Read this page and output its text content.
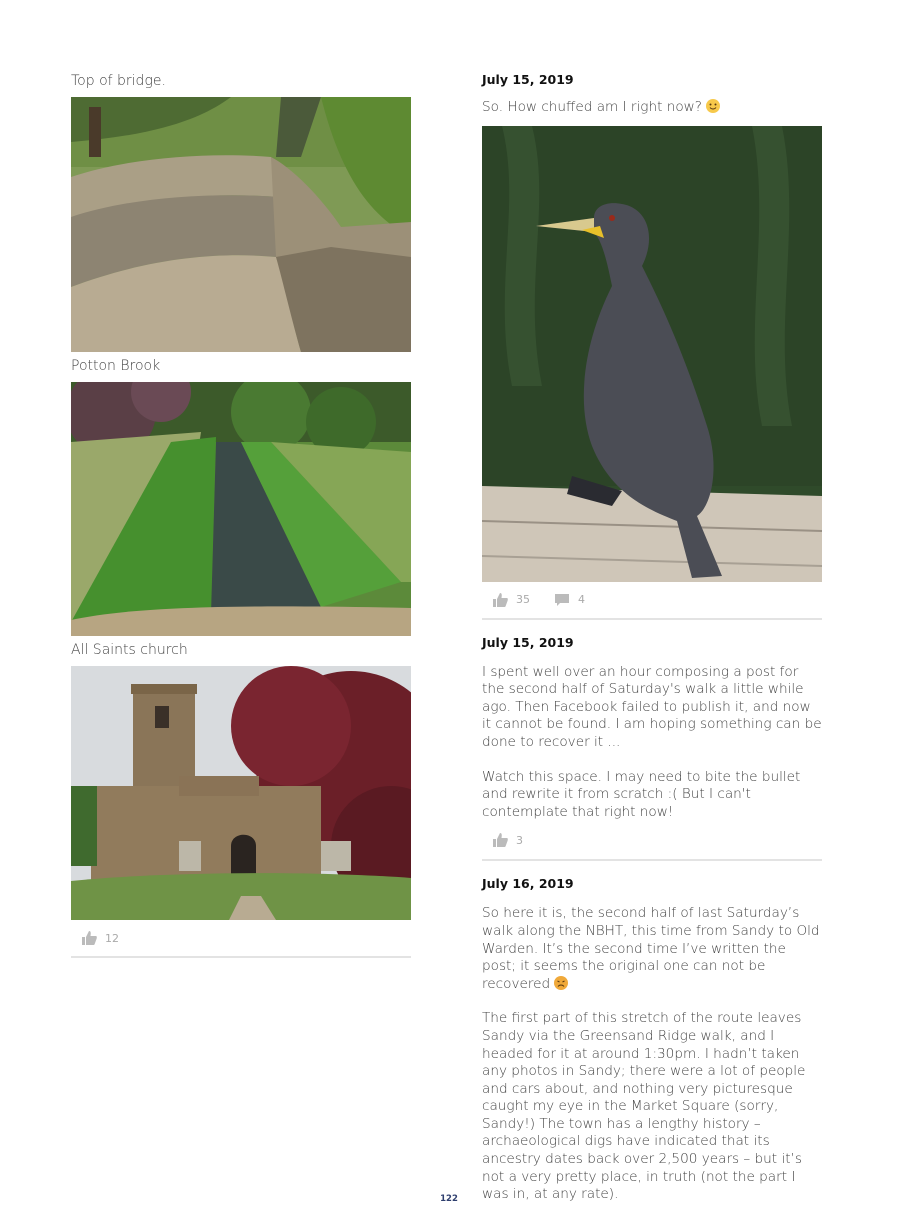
Top of bridge.

Potton Brook

All Saints church

12

July 15, 2019

So. How chuffed am I right now?

35	4

July 15, 2019

I spent well over an hour composing a post for the second half of Saturday's walk a little while ago. Then Facebook failed to publish it, and now it cannot be found. I am hoping something can be done to recover it ...

Watch this space. I may need to bite the bullet and rewrite it from scratch :( But I can't contemplate that right now!

3

July 16, 2019

So here it is, the second half of last Saturday’s walk along the NBHT, this time from Sandy to Old Warden. It’s the second time I’ve written the post; it seems the original one can not be recovered

The first part of this stretch of the route leaves Sandy via the Greensand Ridge walk, and I headed for it at around 1:30pm. I hadn’t taken any photos in Sandy; there were a lot of people and cars about, and nothing very picturesque caught my eye in the Market Square (sorry, Sandy!) The town has a lengthy history – archaeological digs have indicated that its ancestry dates back over 2,500 years – but it’s not a very pretty place, in truth (not the part I was in, at any rate).

122
